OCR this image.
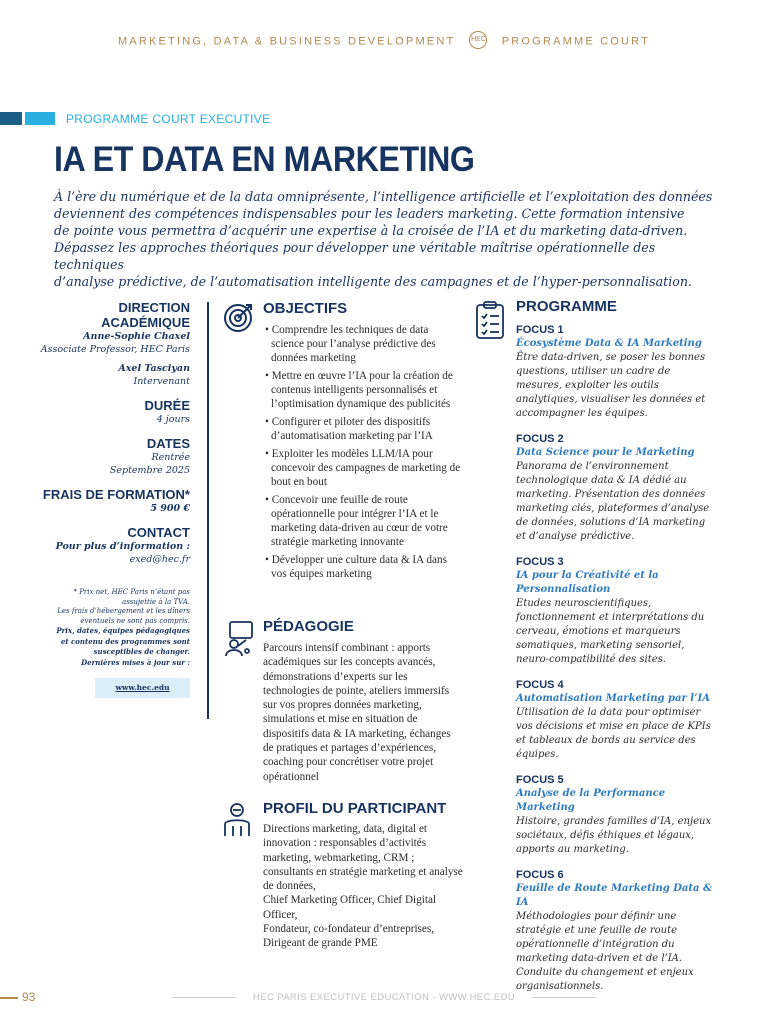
MARKETING, DATA & BUSINESS DEVELOPMENT HEC PROGRAMME COURT
PROGRAMME COURT EXECUTIVE
IA ET DATA EN MARKETING
À l’ère du numérique et de la data omniprésente, l’intelligence artificielle et l’exploitation des données
deviennent des compétences indispensables pour les leaders marketing. Cette formation intensive
de pointe vous permettra d’acquérir une expertise à la croisée de l’IA et du marketing data-driven.
Dépassez les approches théoriques pour développer une véritable maîtrise opérationnelle des techniques
d’analyse prédictive, de l’automatisation intelligente des campagnes et de l’hyper-personnalisation.
DIRECTION
ACADÉMIQUE
Anne-Sophie Chaxel
Associate Professor, HEC Paris
Axel Tasciyan
Intervenant
DURÉE
4 jours
DATES
Rentrée
Septembre 2025
FRAIS DE FORMATION*
5 900 €
CONTACT
Pour plus d’information :
exed@hec.fr
* Prix net, HEC Paris n’étant pas
assujettie à la TVA.
Les frais d’hébergement et les dîners
éventuels ne sont pas compris.
Prix, dates, équipes pédagogiques
et contenu des programmes sont
susceptibles de changer.
Dernières mises à jour sur :
www.hec.edu
OBJECTIFS
• Comprendre les techniques de data science pour l’analyse prédictive des données marketing
• Mettre en œuvre l’IA pour la création de contenus intelligents personnalisés et l’optimisation dynamique des publicités
• Configurer et piloter des dispositifs d’automatisation marketing par l’IA
• Exploiter les modèles LLM/IA pour concevoir des campagnes de marketing de bout en bout
• Concevoir une feuille de route opérationnelle pour intégrer l’IA et le marketing data-driven au cœur de votre stratégie marketing innovante
• Développer une culture data & IA dans vos équipes marketing
PÉDAGOGIE
Parcours intensif combinant : apports académiques sur les concepts avancés, démonstrations d’experts sur les technologies de pointe, ateliers immersifs sur vos propres données marketing, simulations et mise en situation de dispositifs data & IA marketing, échanges de pratiques et partages d’expériences, coaching pour concrétiser votre projet opérationnel
PROFIL DU PARTICIPANT
Directions marketing, data, digital et innovation : responsables d’activités marketing, webmarketing, CRM ; consultants en stratégie marketing et analyse de données,
Chief Marketing Officer, Chief Digital Officer,
Fondateur, co-fondateur d’entreprises, Dirigeant de grande PME
PROGRAMME
FOCUS 1
Écosystème Data & IA Marketing
Être data-driven, se poser les bonnes questions, utiliser un cadre de mesures, exploiter les outils analytiques, visualiser les données et accompagner les équipes.
FOCUS 2
Data Science pour le Marketing
Panorama de l’environnement technologique data & IA dédié au marketing. Présentation des données marketing clés, plateformes d’analyse de données, solutions d’IA marketing et d’analyse prédictive.
FOCUS 3
IA pour la Créativité et la Personnalisation
Etudes neuroscientifiques, fonctionnement et interprétations du cerveau, émotions et marqueurs somatiques, marketing sensoriel, neuro-compatibilité des sites.
FOCUS 4
Automatisation Marketing par l’IA
Utilisation de la data pour optimiser vos décisions et mise en place de KPIs et tableaux de bords au service des équipes.
FOCUS 5
Analyse de la Performance Marketing
Histoire, grandes familles d’IA, enjeux sociétaux, défis éthiques et légaux, apports au marketing.
FOCUS 6
Feuille de Route Marketing Data & IA
Méthodologies pour définir une stratégie et une feuille de route opérationnelle d’intégration du marketing data-driven et de l’IA. Conduite du changement et enjeux organisationnels.
93	HEC PARIS EXECUTIVE EDUCATION - WWW.HEC.EDU
